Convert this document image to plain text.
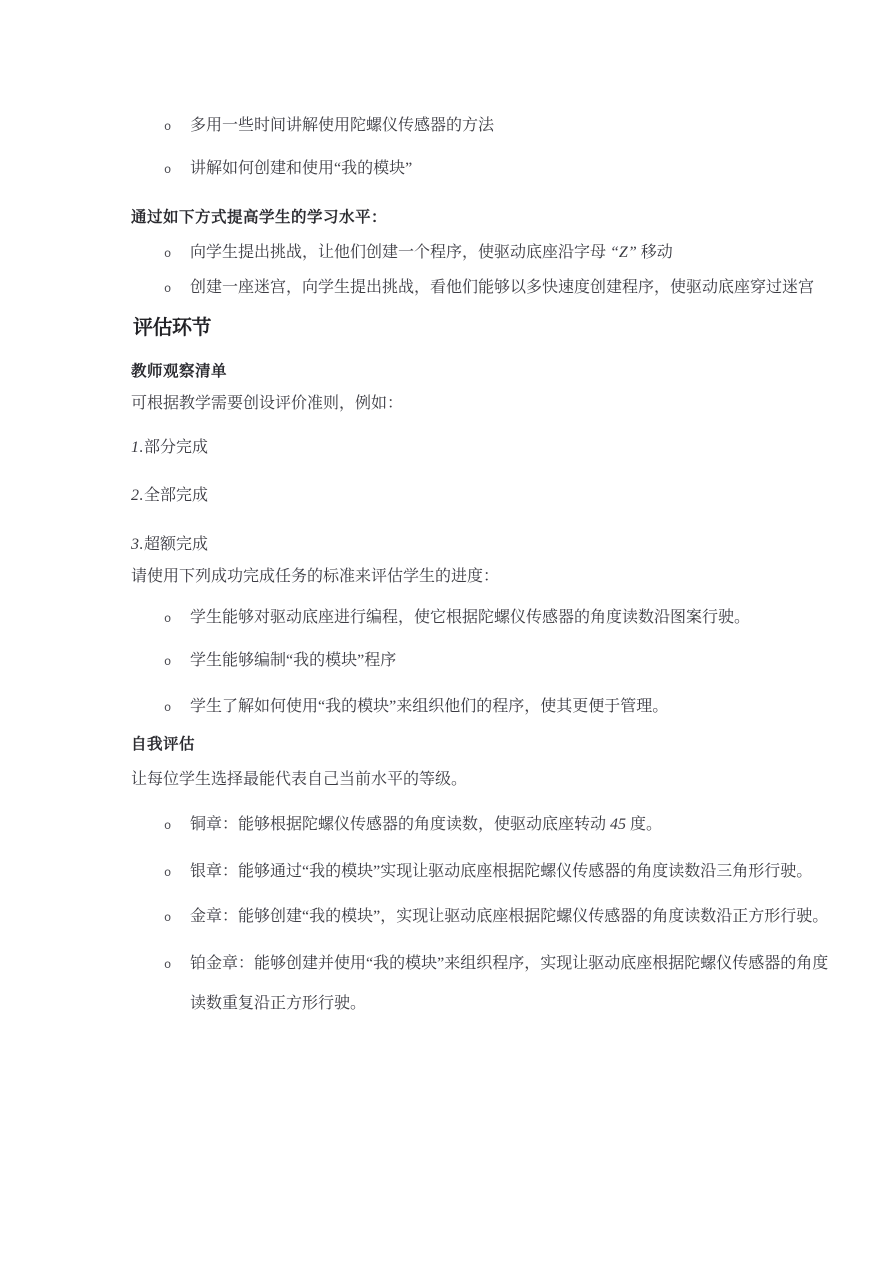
o	多用一些时间讲解使用陀螺仪传感器的方法
o	讲解如何创建和使用“我的模块”
通过如下方式提高学生的学习水平：
o	向学生提出挑战，让他们创建一个程序，使驱动底座沿字母 “Z” 移动
o	创建一座迷宫，向学生提出挑战，看他们能够以多快速度创建程序，使驱动底座穿过迷宫
评估环节
教师观察清单
可根据教学需要创设评价准则，例如：
1.部分完成
2.全部完成
3.超额完成
请使用下列成功完成任务的标准来评估学生的进度：
o	学生能够对驱动底座进行编程，使它根据陀螺仪传感器的角度读数沿图案行驶。
o	学生能够编制“我的模块”程序
o	学生了解如何使用“我的模块”来组织他们的程序，使其更便于管理。
自我评估
让每位学生选择最能代表自己当前水平的等级。
o	铜章：能够根据陀螺仪传感器的角度读数，使驱动底座转动 45 度。
o	银章：能够通过“我的模块”实现让驱动底座根据陀螺仪传感器的角度读数沿三角形行驶。
o	金章：能够创建“我的模块”，实现让驱动底座根据陀螺仪传感器的角度读数沿正方形行驶。
o	铂金章：能够创建并使用“我的模块”来组织程序，实现让驱动底座根据陀螺仪传感器的角度
读数重复沿正方形行驶。
